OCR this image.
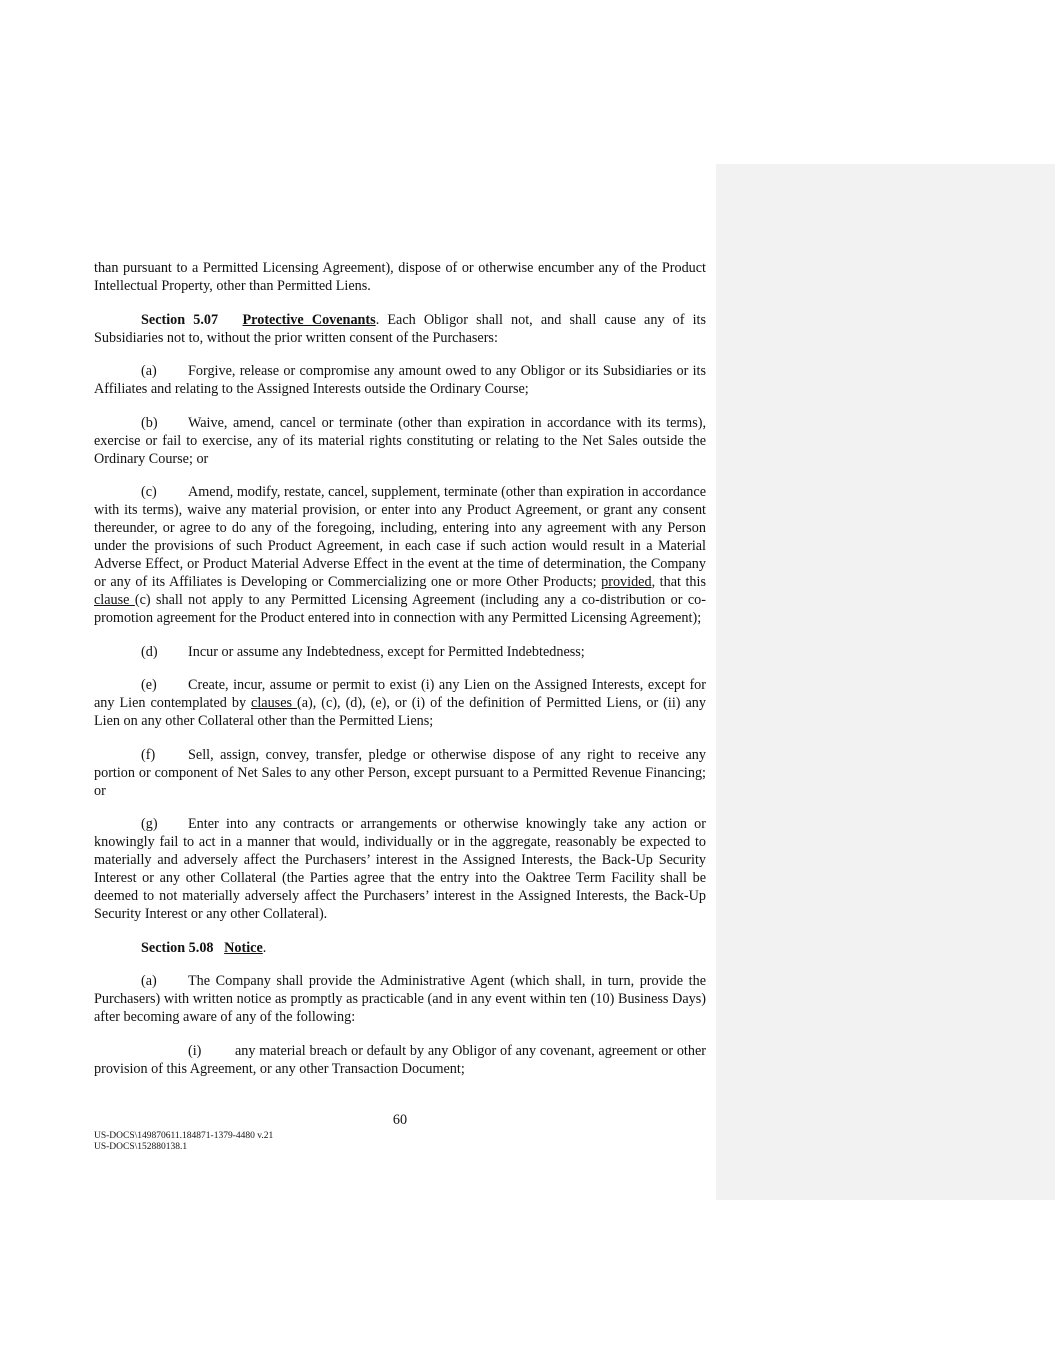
than pursuant to a Permitted Licensing Agreement), dispose of or otherwise encumber any of the Product Intellectual Property, other than Permitted Liens.

Section 5.07 Protective Covenants. Each Obligor shall not, and shall cause any of its Subsidiaries not to, without the prior written consent of the Purchasers:

(a) Forgive, release or compromise any amount owed to any Obligor or its Subsidiaries or its Affiliates and relating to the Assigned Interests outside the Ordinary Course;

(b) Waive, amend, cancel or terminate (other than expiration in accordance with its terms), exercise or fail to exercise, any of its material rights constituting or relating to the Net Sales outside the Ordinary Course; or

(c) Amend, modify, restate, cancel, supplement, terminate (other than expiration in accordance with its terms), waive any material provision, or enter into any Product Agreement, or grant any consent thereunder, or agree to do any of the foregoing, including, entering into any agreement with any Person under the provisions of such Product Agreement, in each case if such action would result in a Material Adverse Effect, or Product Material Adverse Effect in the event at the time of determination, the Company or any of its Affiliates is Developing or Commercializing one or more Other Products; provided, that this clause (c) shall not apply to any Permitted Licensing Agreement (including any a co-distribution or co-promotion agreement for the Product entered into in connection with any Permitted Licensing Agreement);

(d) Incur or assume any Indebtedness, except for Permitted Indebtedness;

(e) Create, incur, assume or permit to exist (i) any Lien on the Assigned Interests, except for any Lien contemplated by clauses (a), (c), (d), (e), or (i) of the definition of Permitted Liens, or (ii) any Lien on any other Collateral other than the Permitted Liens;

(f) Sell, assign, convey, transfer, pledge or otherwise dispose of any right to receive any portion or component of Net Sales to any other Person, except pursuant to a Permitted Revenue Financing; or

(g) Enter into any contracts or arrangements or otherwise knowingly take any action or knowingly fail to act in a manner that would, individually or in the aggregate, reasonably be expected to materially and adversely affect the Purchasers’ interest in the Assigned Interests, the Back-Up Security Interest or any other Collateral (the Parties agree that the entry into the Oaktree Term Facility shall be deemed to not materially adversely affect the Purchasers’ interest in the Assigned Interests, the Back-Up Security Interest or any other Collateral).

Section 5.08 Notice.

(a) The Company shall provide the Administrative Agent (which shall, in turn, provide the Purchasers) with written notice as promptly as practicable (and in any event within ten (10) Business Days) after becoming aware of any of the following:

(i) any material breach or default by any Obligor of any covenant, agreement or other provision of this Agreement, or any other Transaction Document;

60
US-DOCS\149870611.184871-1379-4480 v.21
US-DOCS\152880138.1
